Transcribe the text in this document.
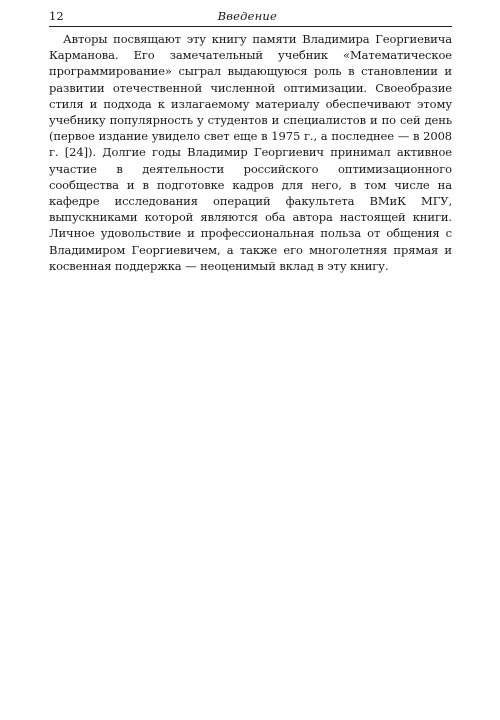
12	Введение

Авторы посвящают эту книгу памяти Владимира Георгиевича Карманова. Его замечательный учебник «Математическое программирование» сыграл выдающуюся роль в становлении и развитии отечественной численной оптимизации. Своеобразие стиля и подхода к излагаемому материалу обеспечивают этому учебнику популярность у студентов и специалистов и по сей день (первое издание увидело свет еще в 1975 г., а последнее — в 2008 г. [24]). Долгие годы Владимир Георгиевич принимал активное участие в деятельности российского оптимизационного сообщества и в подготовке кадров для него, в том числе на кафедре исследования операций факультета ВМиК МГУ, выпускниками которой являются оба автора настоящей книги. Личное удовольствие и профессиональная польза от общения с Владимиром Георгиевичем, а также его многолетняя прямая и косвенная поддержка — неоценимый вклад в эту книгу.
